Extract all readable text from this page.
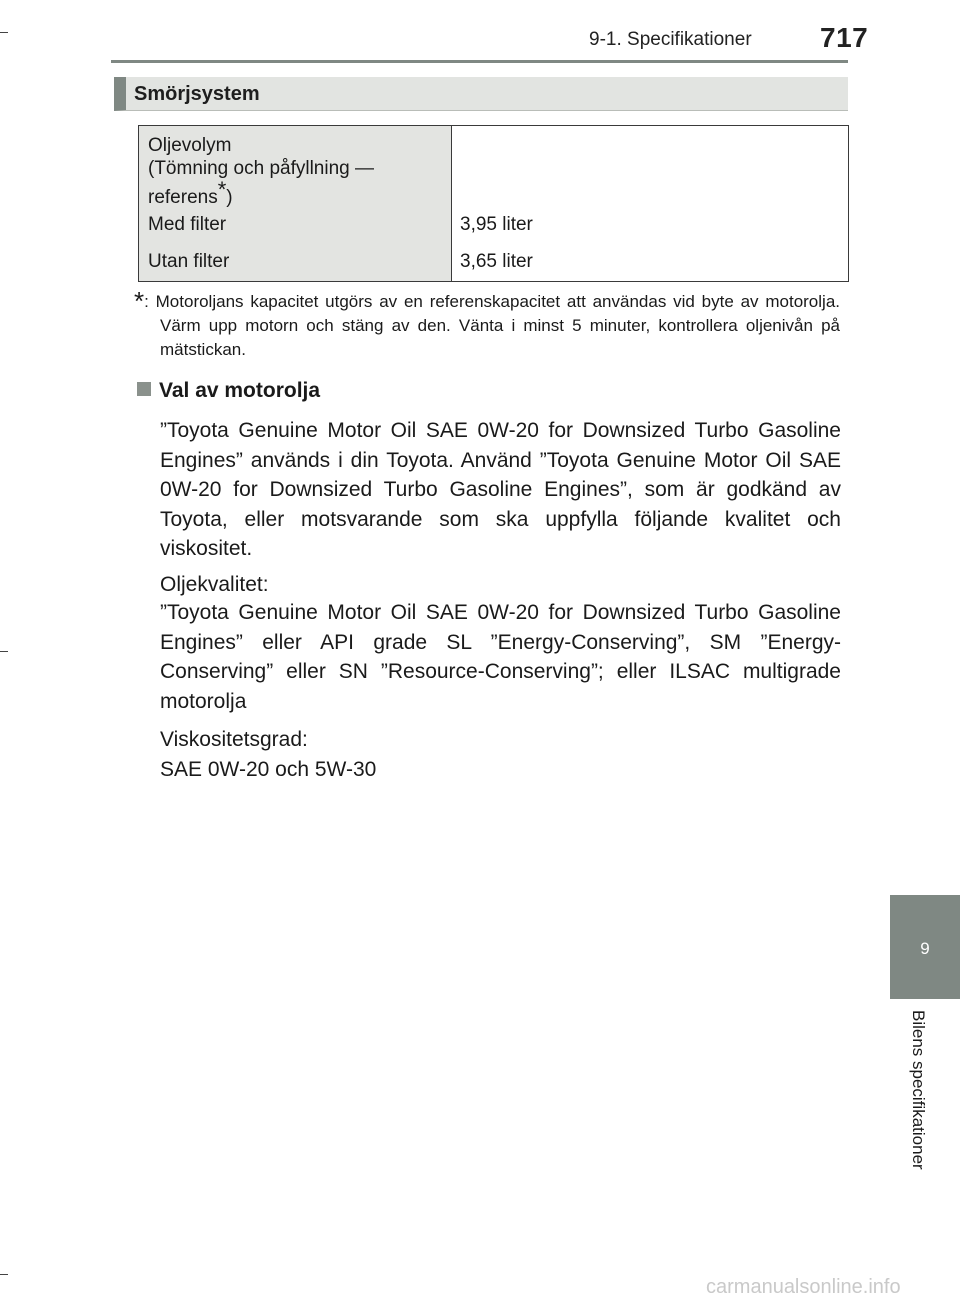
9-1. Specifikationer 717
Smörjsystem
Oljevolym
(Tömning och påfyllning —
referens*)
Med filter	3,95 liter
Utan filter	3,65 liter
*: Motoroljans kapacitet utgörs av en referenskapacitet att användas vid byte av motorolja. Värm upp motorn och stäng av den. Vänta i minst 5 minuter, kontrollera oljenivån på mätstickan.
Val av motorolja
”Toyota Genuine Motor Oil SAE 0W-20 for Downsized Turbo Gasoline Engines” används i din Toyota. Använd ”Toyota Genuine Motor Oil SAE 0W-20 for Downsized Turbo Gasoline Engines”, som är godkänd av Toyota, eller motsvarande som ska uppfylla följande kvalitet och viskositet.
Oljekvalitet:
”Toyota Genuine Motor Oil SAE 0W-20 for Downsized Turbo Gasoline Engines” eller API grade SL ”Energy-Conserving”, SM ”Energy-Conserving” eller SN ”Resource-Conserving”; eller ILSAC multigrade motorolja
Viskositetsgrad:
SAE 0W-20 och 5W-30
9
Bilens specifikationer
carmanualsonline.info
